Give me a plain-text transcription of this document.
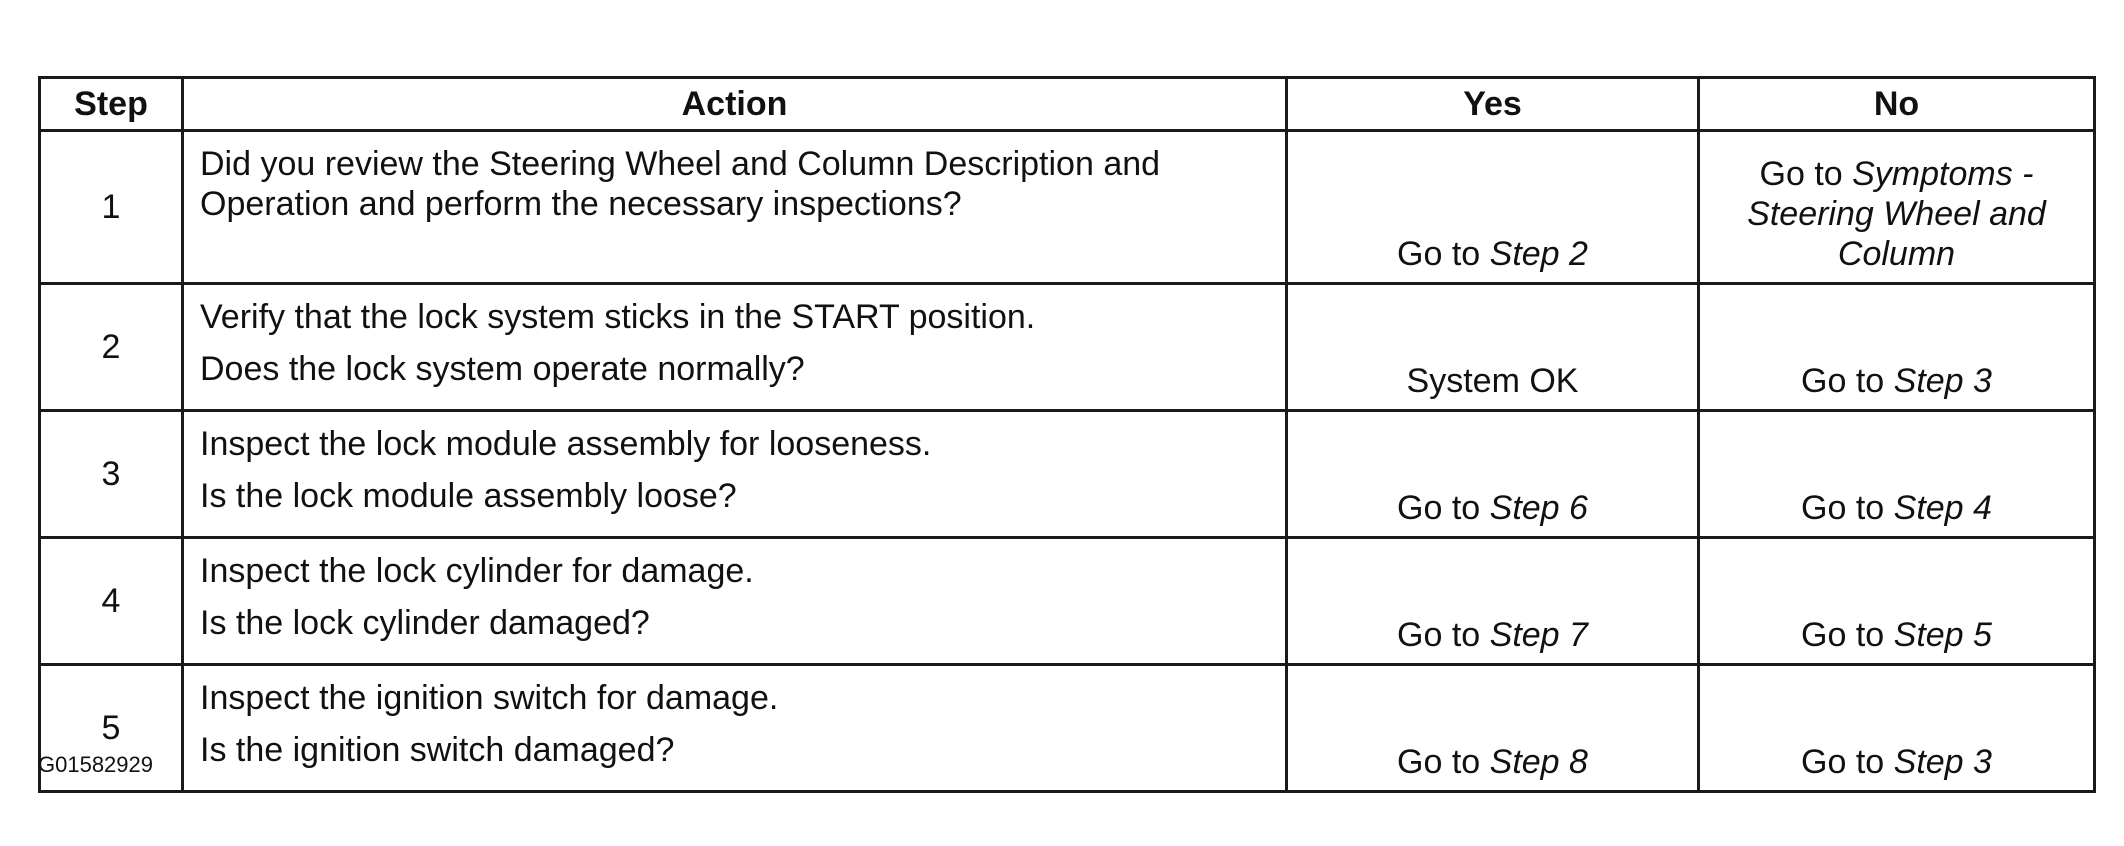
Step	Action	Yes	No
1	Did you review the Steering Wheel and Column Description and
Operation and perform the necessary inspections?	Go to Step 2	Go to Symptoms -
Steering Wheel and
Column

2	Verify that the lock system sticks in the START position.
Does the lock system operate normally?	System OK	Go to Step 3
3	Inspect the lock module assembly for looseness.
Is the lock module assembly loose?	Go to Step 6	Go to Step 4
4	Inspect the lock cylinder for damage.
Is the lock cylinder damaged?	Go to Step 7	Go to Step 5
5	Inspect the ignition switch for damage.
Is the ignition switch damaged?	Go to Step 8	Go to Step 3
G01582929
